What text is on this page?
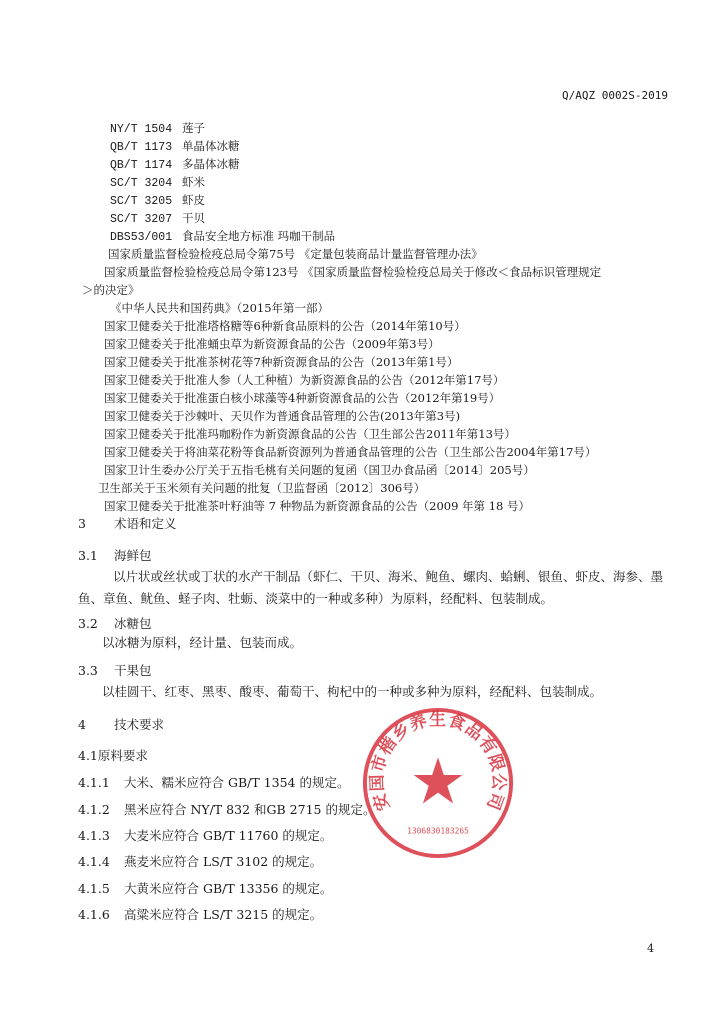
Q/AQZ 0002S-2019
NY/T 1504 莲子
QB/T 1173 单晶体冰糖
QB/T 1174 多晶体冰糖
SC/T 3204 虾米
SC/T 3205 虾皮
SC/T 3207 干贝
DBS53/001 食品安全地方标准 玛咖干制品
国家质量监督检验检疫总局令第75号 《定量包装商品计量监督管理办法》
国家质量监督检验检疫总局令第123号 《国家质量监督检验检疫总局关于修改＜食品标识管理规定
＞的决定》
《中华人民共和国药典》（2015年第一部）
国家卫健委关于批准塔格糖等6种新食品原料的公告（2014年第10号）
国家卫健委关于批准蛹虫草为新资源食品的公告（2009年第3号）
国家卫健委关于批准茶树花等7种新资源食品的公告（2013年第1号）
国家卫健委关于批准人参（人工种植）为新资源食品的公告（2012年第17号）
国家卫健委关于批准蛋白核小球藻等4种新资源食品的公告（2012年第19号）
国家卫健委关于沙棘叶、天贝作为普通食品管理的公告(2013年第3号)
国家卫健委关于批准玛咖粉作为新资源食品的公告（卫生部公告2011年第13号）
国家卫健委关于将油菜花粉等食品新资源列为普通食品管理的公告（卫生部公告2004年第17号）
国家卫计生委办公厅关于五指毛桃有关问题的复函（国卫办食品函〔2014〕205号）
卫生部关于玉米须有关问题的批复（卫监督函〔2012〕306号）
国家卫健委关于批准茶叶籽油等 7 种物品为新资源食品的公告（2009 年第 18 号）
3 术语和定义
3.1 海鲜包
以片状或丝状或丁状的水产干制品（虾仁、干贝、海米、鲍鱼、螺肉、蛤蜊、银鱼、虾皮、海参、墨鱼、章鱼、鱿鱼、蛏子肉、牡蛎、淡菜中的一种或多种）为原料，经配料、包装制成。
3.2 冰糖包
以冰糖为原料，经计量、包装而成。
3.3 干果包
以桂圆干、红枣、黑枣、酸枣、葡萄干、枸杞中的一种或多种为原料，经配料、包装制成。
4 技术要求
4.1原料要求
4.1.1 大米、糯米应符合 GB/T 1354 的规定。
4.1.2 黑米应符合 NY/T 832 和GB 2715 的规定。
4.1.3 大麦米应符合 GB/T 11760 的规定。
4.1.4 燕麦米应符合 LS/T 3102 的规定。
4.1.5 大黄米应符合 GB/T 13356 的规定。
4.1.6 高粱米应符合 LS/T 3215 的规定。
安国市楷乡养生食品有限公司
1306830183265
4
